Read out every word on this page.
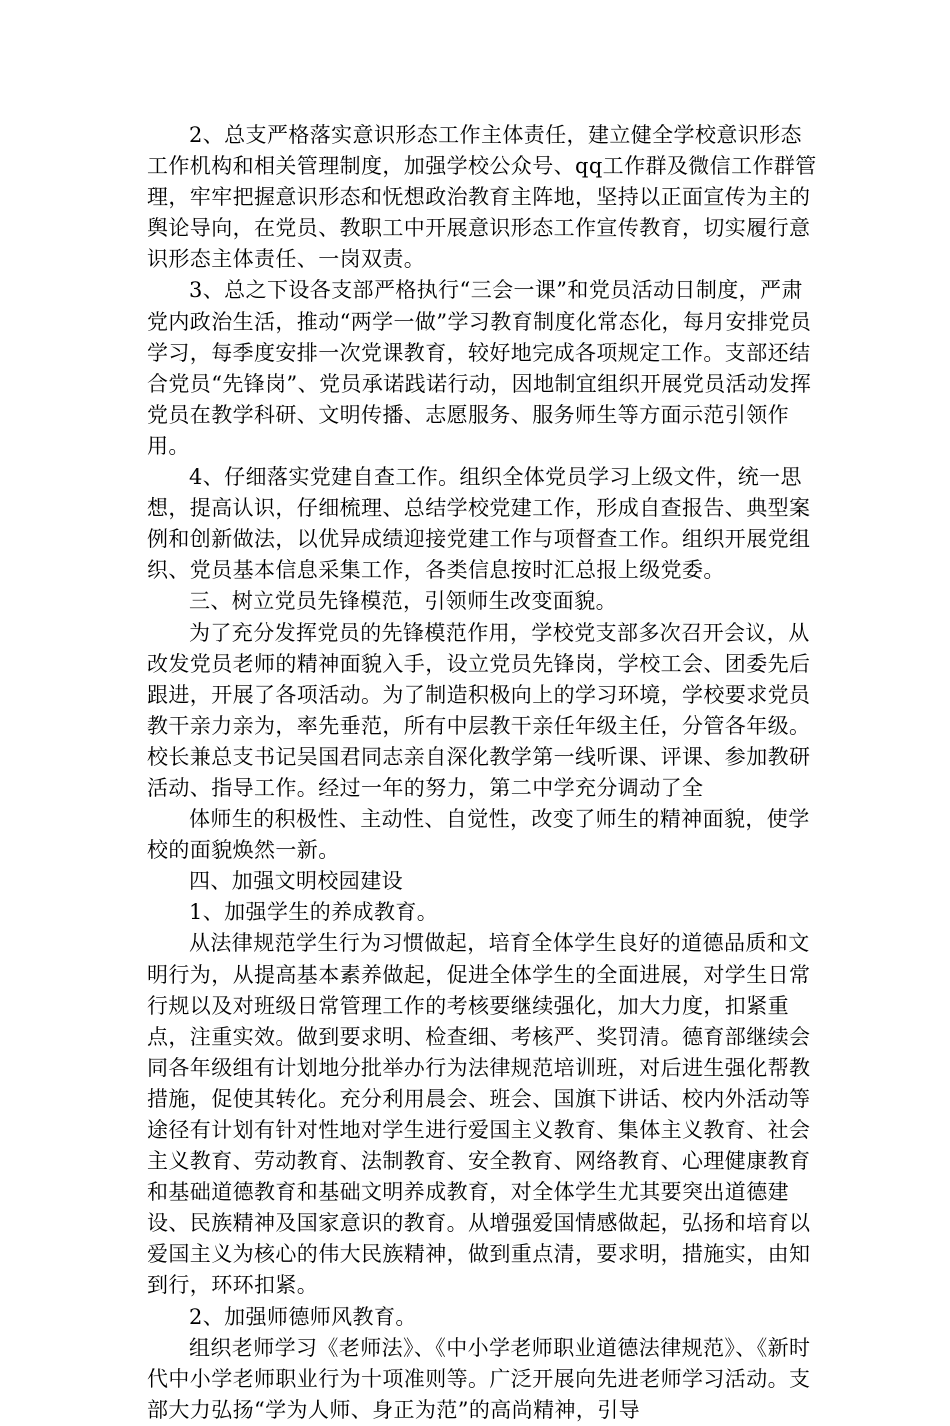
2、总支严格落实意识形态工作主体责任，建立健全学校意识形态工作机构和相关管理制度，加强学校公众号、qq工作群及微信工作群管理，牢牢把握意识形态和怃想政治教育主阵地，坚持以正面宣传为主的舆论导向，在党员、教职工中开展意识形态工作宣传教育，切实履行意识形态主体责任、一岗双责。

3、总之下设各支部严格执行“三会一课”和党员活动日制度，严肃党内政治生活，推动“两学一做”学习教育制度化常态化，每月安排党员学习，每季度安排一次党课教育，较好地完成各项规定工作。支部还结合党员“先锋岗”、党员承诺践诺行动，因地制宜组织开展党员活动发挥党员在教学科研、文明传播、志愿服务、服务师生等方面示范引领作用。

4、仔细落实党建自查工作。组织全体党员学习上级文件，统一思想，提高认识，仔细梳理、总结学校党建工作，形成自查报告、典型案例和创新做法，以优异成绩迎接党建工作与项督查工作。组织开展党组织、党员基本信息采集工作，各类信息按时汇总报上级党委。

三、树立党员先锋模范，引领师生改变面貌。

为了充分发挥党员的先锋模范作用，学校党支部多次召开会议，从改发党员老师的精神面貌入手，设立党员先锋岗，学校工会、团委先后跟进，开展了各项活动。为了制造积极向上的学习环境，学校要求党员教干亲力亲为，率先垂范，所有中层教干亲任年级主任，分管各年级。校长兼总支书记吴国君同志亲自深化教学第一线听课、评课、参加教研活动、指导工作。经过一年的努力，第二中学充分调动了全

体师生的积极性、主动性、自觉性，改变了师生的精神面貌，使学校的面貌焕然一新。

四、加强文明校园建设

1、加强学生的养成教育。

从法律规范学生行为习惯做起，培育全体学生良好的道德品质和文明行为，从提高基本素养做起，促进全体学生的全面进展，对学生日常行规以及对班级日常管理工作的考核要继续强化，加大力度，扣紧重点，注重实效。做到要求明、检查细、考核严、奖罚清。德育部继续会同各年级组有计划地分批举办行为法律规范培训班，对后进生强化帮教措施，促使其转化。充分利用晨会、班会、国旗下讲话、校内外活动等途径有计划有针对性地对学生进行爱国主义教育、集体主义教育、社会主义教育、劳动教育、法制教育、安全教育、网络教育、心理健康教育和基础道德教育和基础文明养成教育，对全体学生尤其要突出道德建设、民族精神及国家意识的教育。从增强爱国情感做起，弘扬和培育以爱国主义为核心的伟大民族精神，做到重点清，要求明，措施实，由知到行，环环扣紧。

2、加强师德师风教育。

组织老师学习《老师法》、《中小学老师职业道德法律规范》、《新时代中小学老师职业行为十项准则等。广泛开展向先进老师学习活动。支部大力弘扬“学为人师、身正为范”的高尚精神，引导
